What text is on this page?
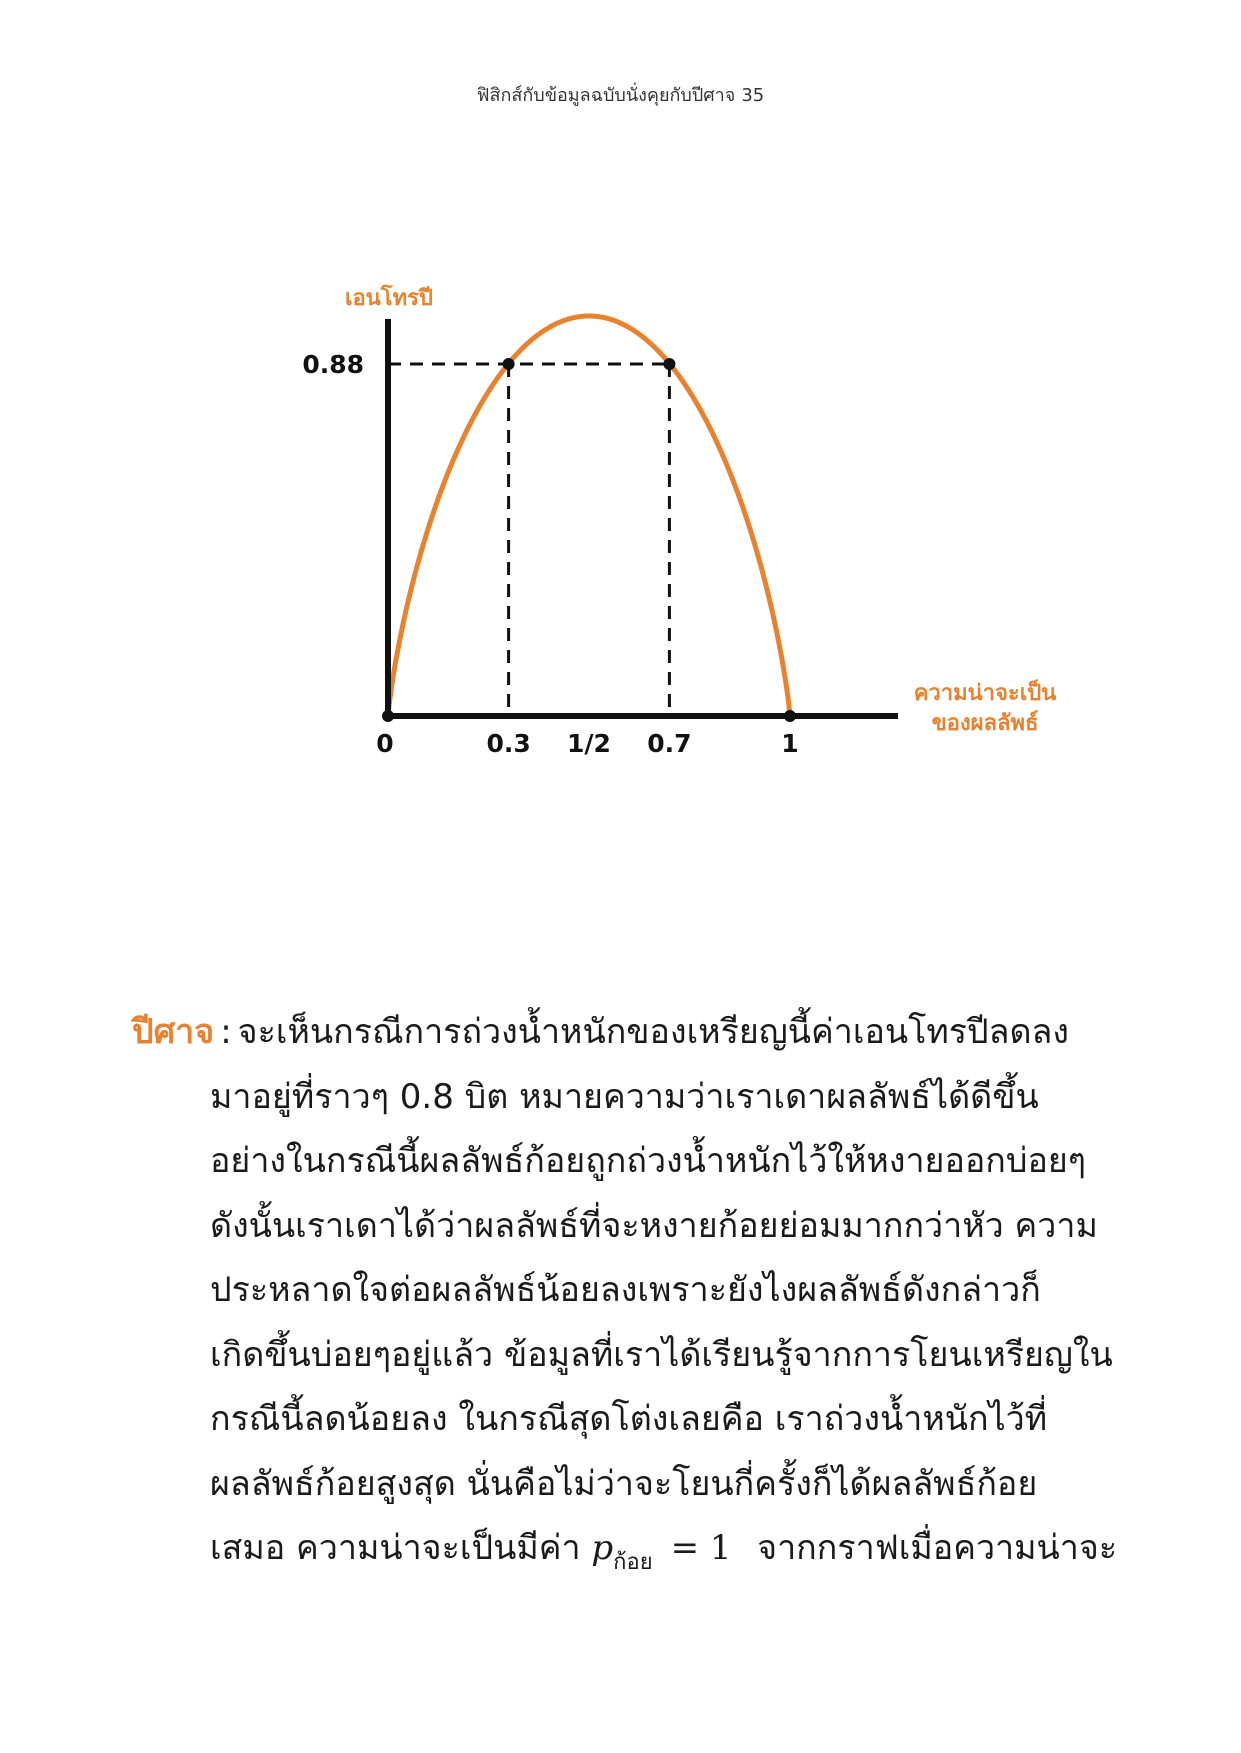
ฟิสิกส์กับข้อมูลฉบับนั่งคุยกับปีศาจ 35
0	0.3 1/2 0.7	1
0.88
เอนโทรปี
ความน่าจะเป็น
ของผลลัพธ์

ปีศาจ : จะเห็นกรณีการถ่วงน้ำหนักของเหรียญนี้ค่าเอนโทรปีลดลง
มาอยู่ที่ราวๆ 0.8 บิต หมายความว่าเราเดาผลลัพธ์ได้ดีขึ้น
อย่างในกรณีนี้ผลลัพธ์ก้อยถูกถ่วงน้ำหนักไว้ให้หงายออกบ่อยๆ
ดังนั้นเราเดาได้ว่าผลลัพธ์ที่จะหงายก้อยย่อมมากกว่าหัว ความ
ประหลาดใจต่อผลลัพธ์น้อยลงเพราะยังไงผลลัพธ์ดังกล่าวก็
เกิดขึ้นบ่อยๆอยู่แล้ว ข้อมูลที่เราได้เรียนรู้จากการโยนเหรียญใน
กรณีนี้ลดน้อยลง ในกรณีสุดโต่งเลยคือ เราถ่วงน้ำหนักไว้ที่
ผลลัพธ์ก้อยสูงสุด นั่นคือไม่ว่าจะโยนกี่ครั้งก็ได้ผลลัพธ์ก้อย
เสมอ ความน่าจะเป็นมีค่า $p_{ก้อย} = 1$ จากกราฟเมื่อความน่าจะ
